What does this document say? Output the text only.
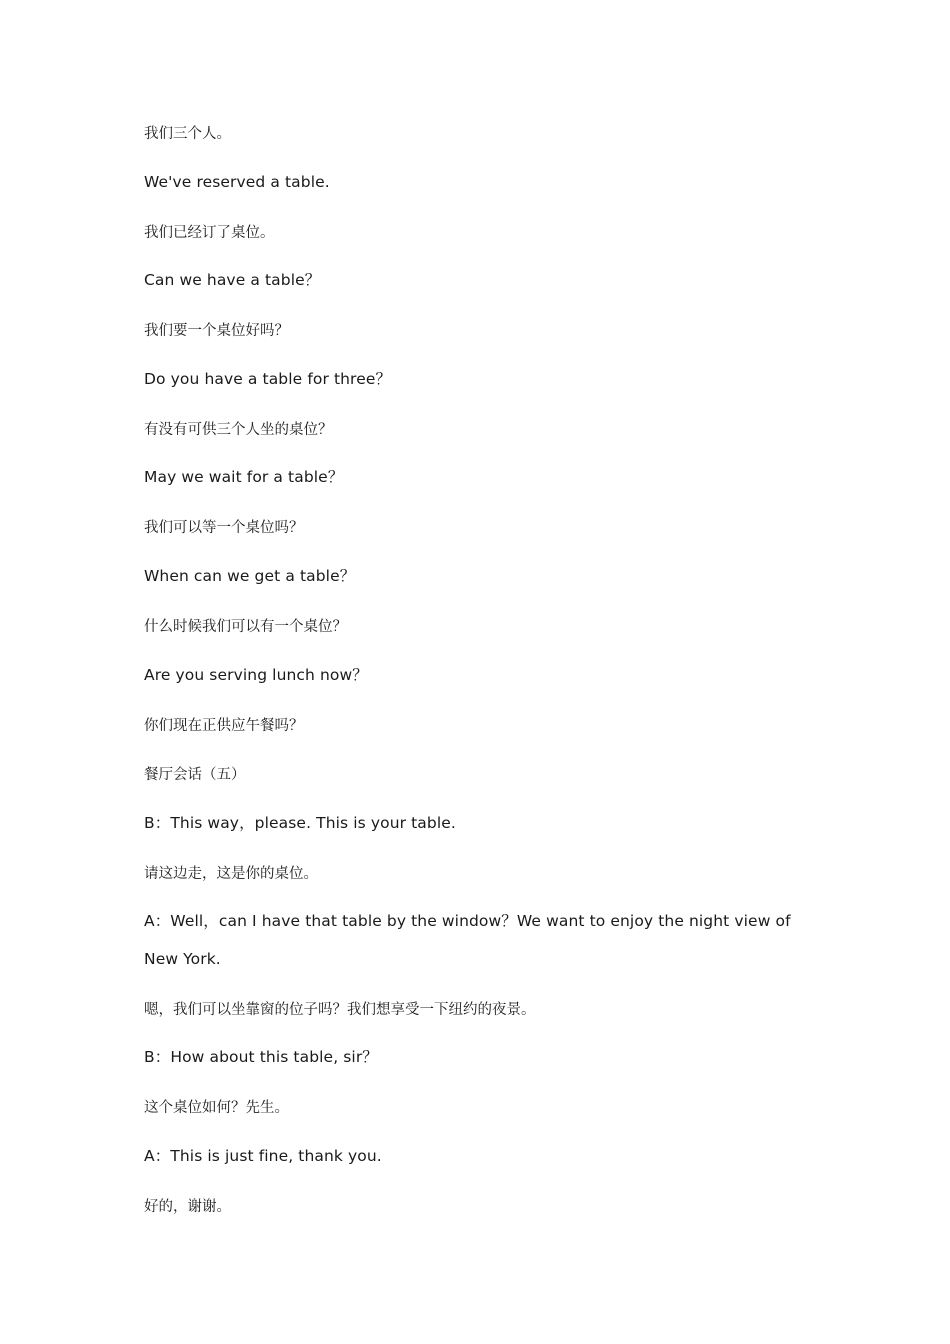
我们三个人。

We've reserved a table.

我们已经订了桌位。

Can we have a table？

我们要一个桌位好吗？

Do you have a table for three？

有没有可供三个人坐的桌位？

May we wait for a table？

我们可以等一个桌位吗？

When can we get a table？

什么时候我们可以有一个桌位？

Are you serving lunch now？

你们现在正供应午餐吗？

餐厅会话（五）

B：This way，please. This is your table.

请这边走，这是你的桌位。

A：Well，can I have that table by the window？We want to enjoy the night view of

New York.

嗯，我们可以坐靠窗的位子吗？我们想享受一下纽约的夜景。

B：How about this table, sir？

这个桌位如何？先生。

A：This is just fine, thank you.

好的，谢谢。
